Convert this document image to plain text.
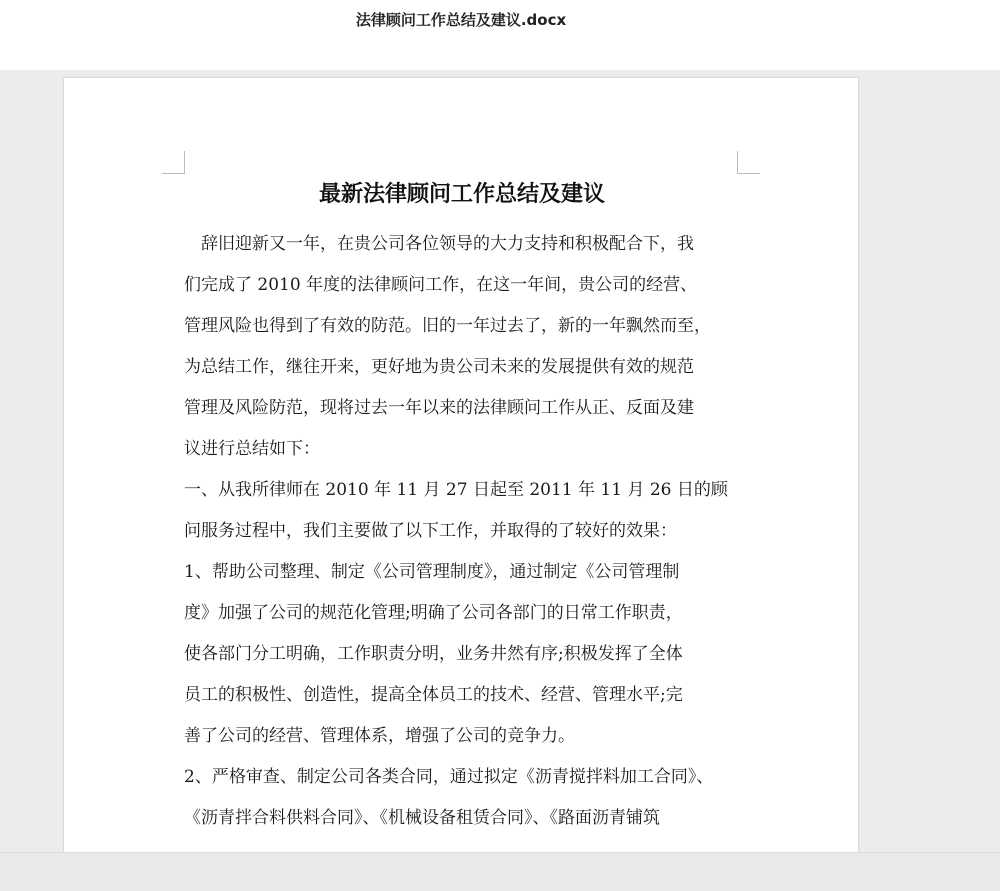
法律顾问工作总结及建议.docx
最新法律顾问工作总结及建议

　辞旧迎新又一年，在贵公司各位领导的大力支持和积极配合下，我

们完成了 2010 年度的法律顾问工作，在这一年间，贵公司的经营、

管理风险也得到了有效的防范。旧的一年过去了，新的一年飘然而至，

为总结工作，继往开来，更好地为贵公司未来的发展提供有效的规范

管理及风险防范，现将过去一年以来的法律顾问工作从正、反面及建

议进行总结如下：

一、从我所律师在 2010 年 11 月 27 日起至 2011 年 11 月 26 日的顾

问服务过程中，我们主要做了以下工作，并取得的了较好的效果：

1、帮助公司整理、制定《公司管理制度》，通过制定《公司管理制

度》加强了公司的规范化管理;明确了公司各部门的日常工作职责，

使各部门分工明确，工作职责分明，业务井然有序;积极发挥了全体

员工的积极性、创造性，提高全体员工的技术、经营、管理水平;完

善了公司的经营、管理体系，增强了公司的竞争力。

2、严格审查、制定公司各类合同，通过拟定《沥青搅拌料加工合同》、

《沥青拌合料供料合同》、《机械设备租赁合同》、《路面沥青铺筑
